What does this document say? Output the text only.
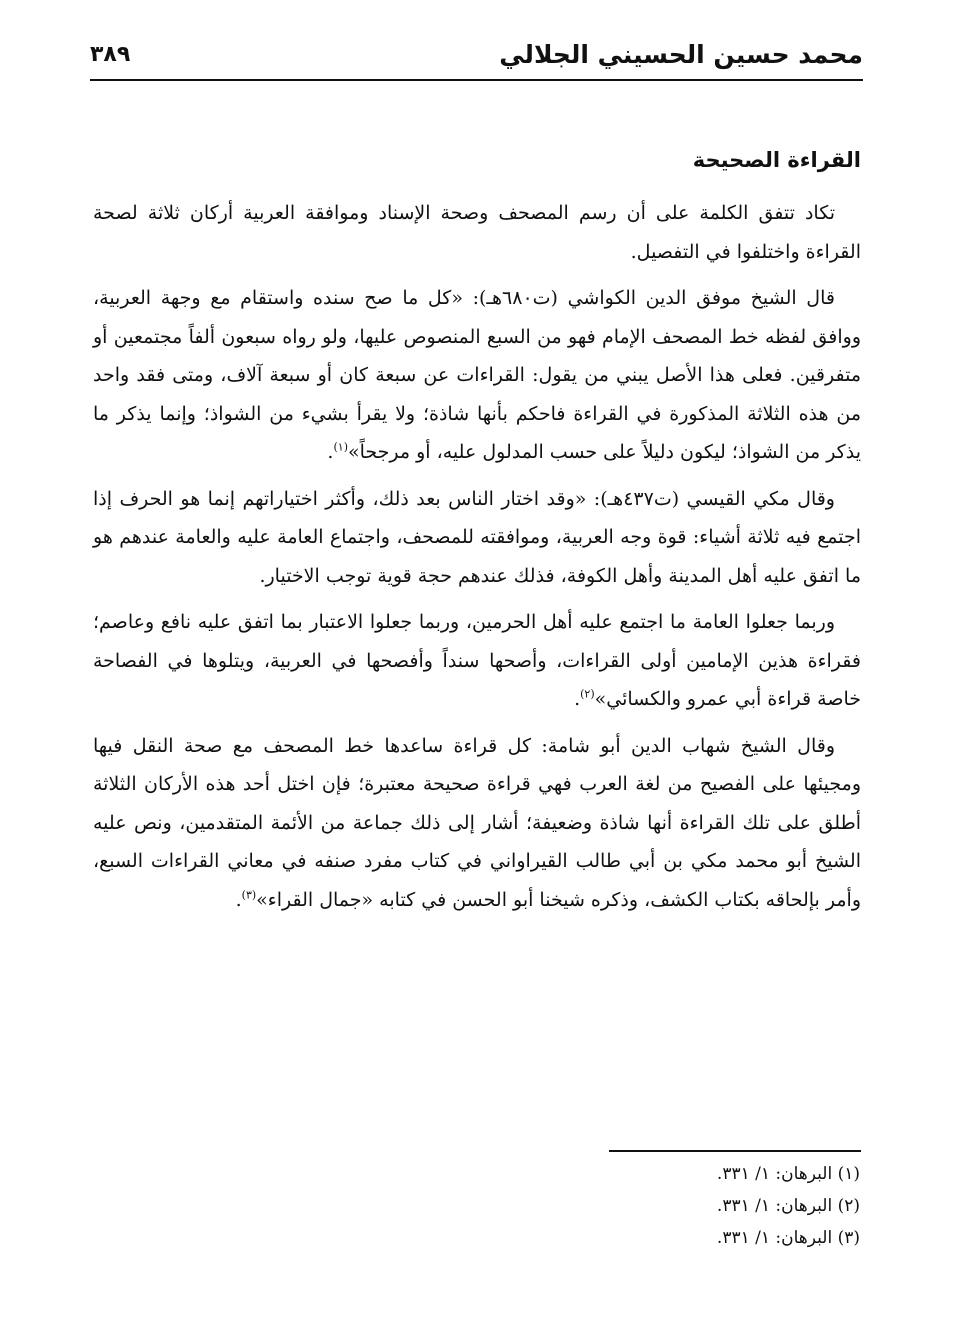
محمد حسين الحسيني الجلالي
٣٨٩
القراءة الصحيحة

تكاد تتفق الكلمة على أن رسم المصحف وصحة الإسناد وموافقة العربية أركان ثلاثة لصحة القراءة واختلفوا في التفصيل.

قال الشيخ موفق الدين الكواشي (ت٦٨٠هـ): «كل ما صح سنده واستقام مع وجهة العربية، ووافق لفظه خط المصحف الإمام فهو من السبع المنصوص عليها، ولو رواه سبعون ألفاً مجتمعين أو متفرقين. فعلى هذا الأصل يبني من يقول: القراءات عن سبعة كان أو سبعة آلاف، ومتى فقد واحد من هذه الثلاثة المذكورة في القراءة فاحكم بأنها شاذة؛ ولا يقرأ بشيء من الشواذ؛ وإنما يذكر ما يذكر من الشواذ؛ ليكون دليلاً على حسب المدلول عليه، أو مرجحاً»$^{(١)}$.

وقال مكي القيسي (ت٤٣٧هـ): «وقد اختار الناس بعد ذلك، وأكثر اختياراتهم إنما هو الحرف إذا اجتمع فيه ثلاثة أشياء: قوة وجه العربية، وموافقته للمصحف، واجتماع العامة عليه والعامة عندهم هو ما اتفق عليه أهل المدينة وأهل الكوفة، فذلك عندهم حجة قوية توجب الاختيار.

وربما جعلوا العامة ما اجتمع عليه أهل الحرمين، وربما جعلوا الاعتبار بما اتفق عليه نافع وعاصم؛ فقراءة هذين الإمامين أولى القراءات، وأصحها سنداً وأفصحها في العربية، ويتلوها في الفصاحة خاصة قراءة أبي عمرو والكسائي»$^{(٢)}$.

وقال الشيخ شهاب الدين أبو شامة: كل قراءة ساعدها خط المصحف مع صحة النقل فيها ومجيئها على الفصيح من لغة العرب فهي قراءة صحيحة معتبرة؛ فإن اختل أحد هذه الأركان الثلاثة أطلق على تلك القراءة أنها شاذة وضعيفة؛ أشار إلى ذلك جماعة من الأئمة المتقدمين، ونص عليه الشيخ أبو محمد مكي بن أبي طالب القيراواني في كتاب مفرد صنفه في معاني القراءات السبع، وأمر بإلحاقه بكتاب الكشف، وذكره شيخنا أبو الحسن في كتابه «جمال القراء»$^{(٣)}$.

(١) البرهان: ١/ ٣٣١.

(٢) البرهان: ١/ ٣٣١.

(٣) البرهان: ١/ ٣٣١.
